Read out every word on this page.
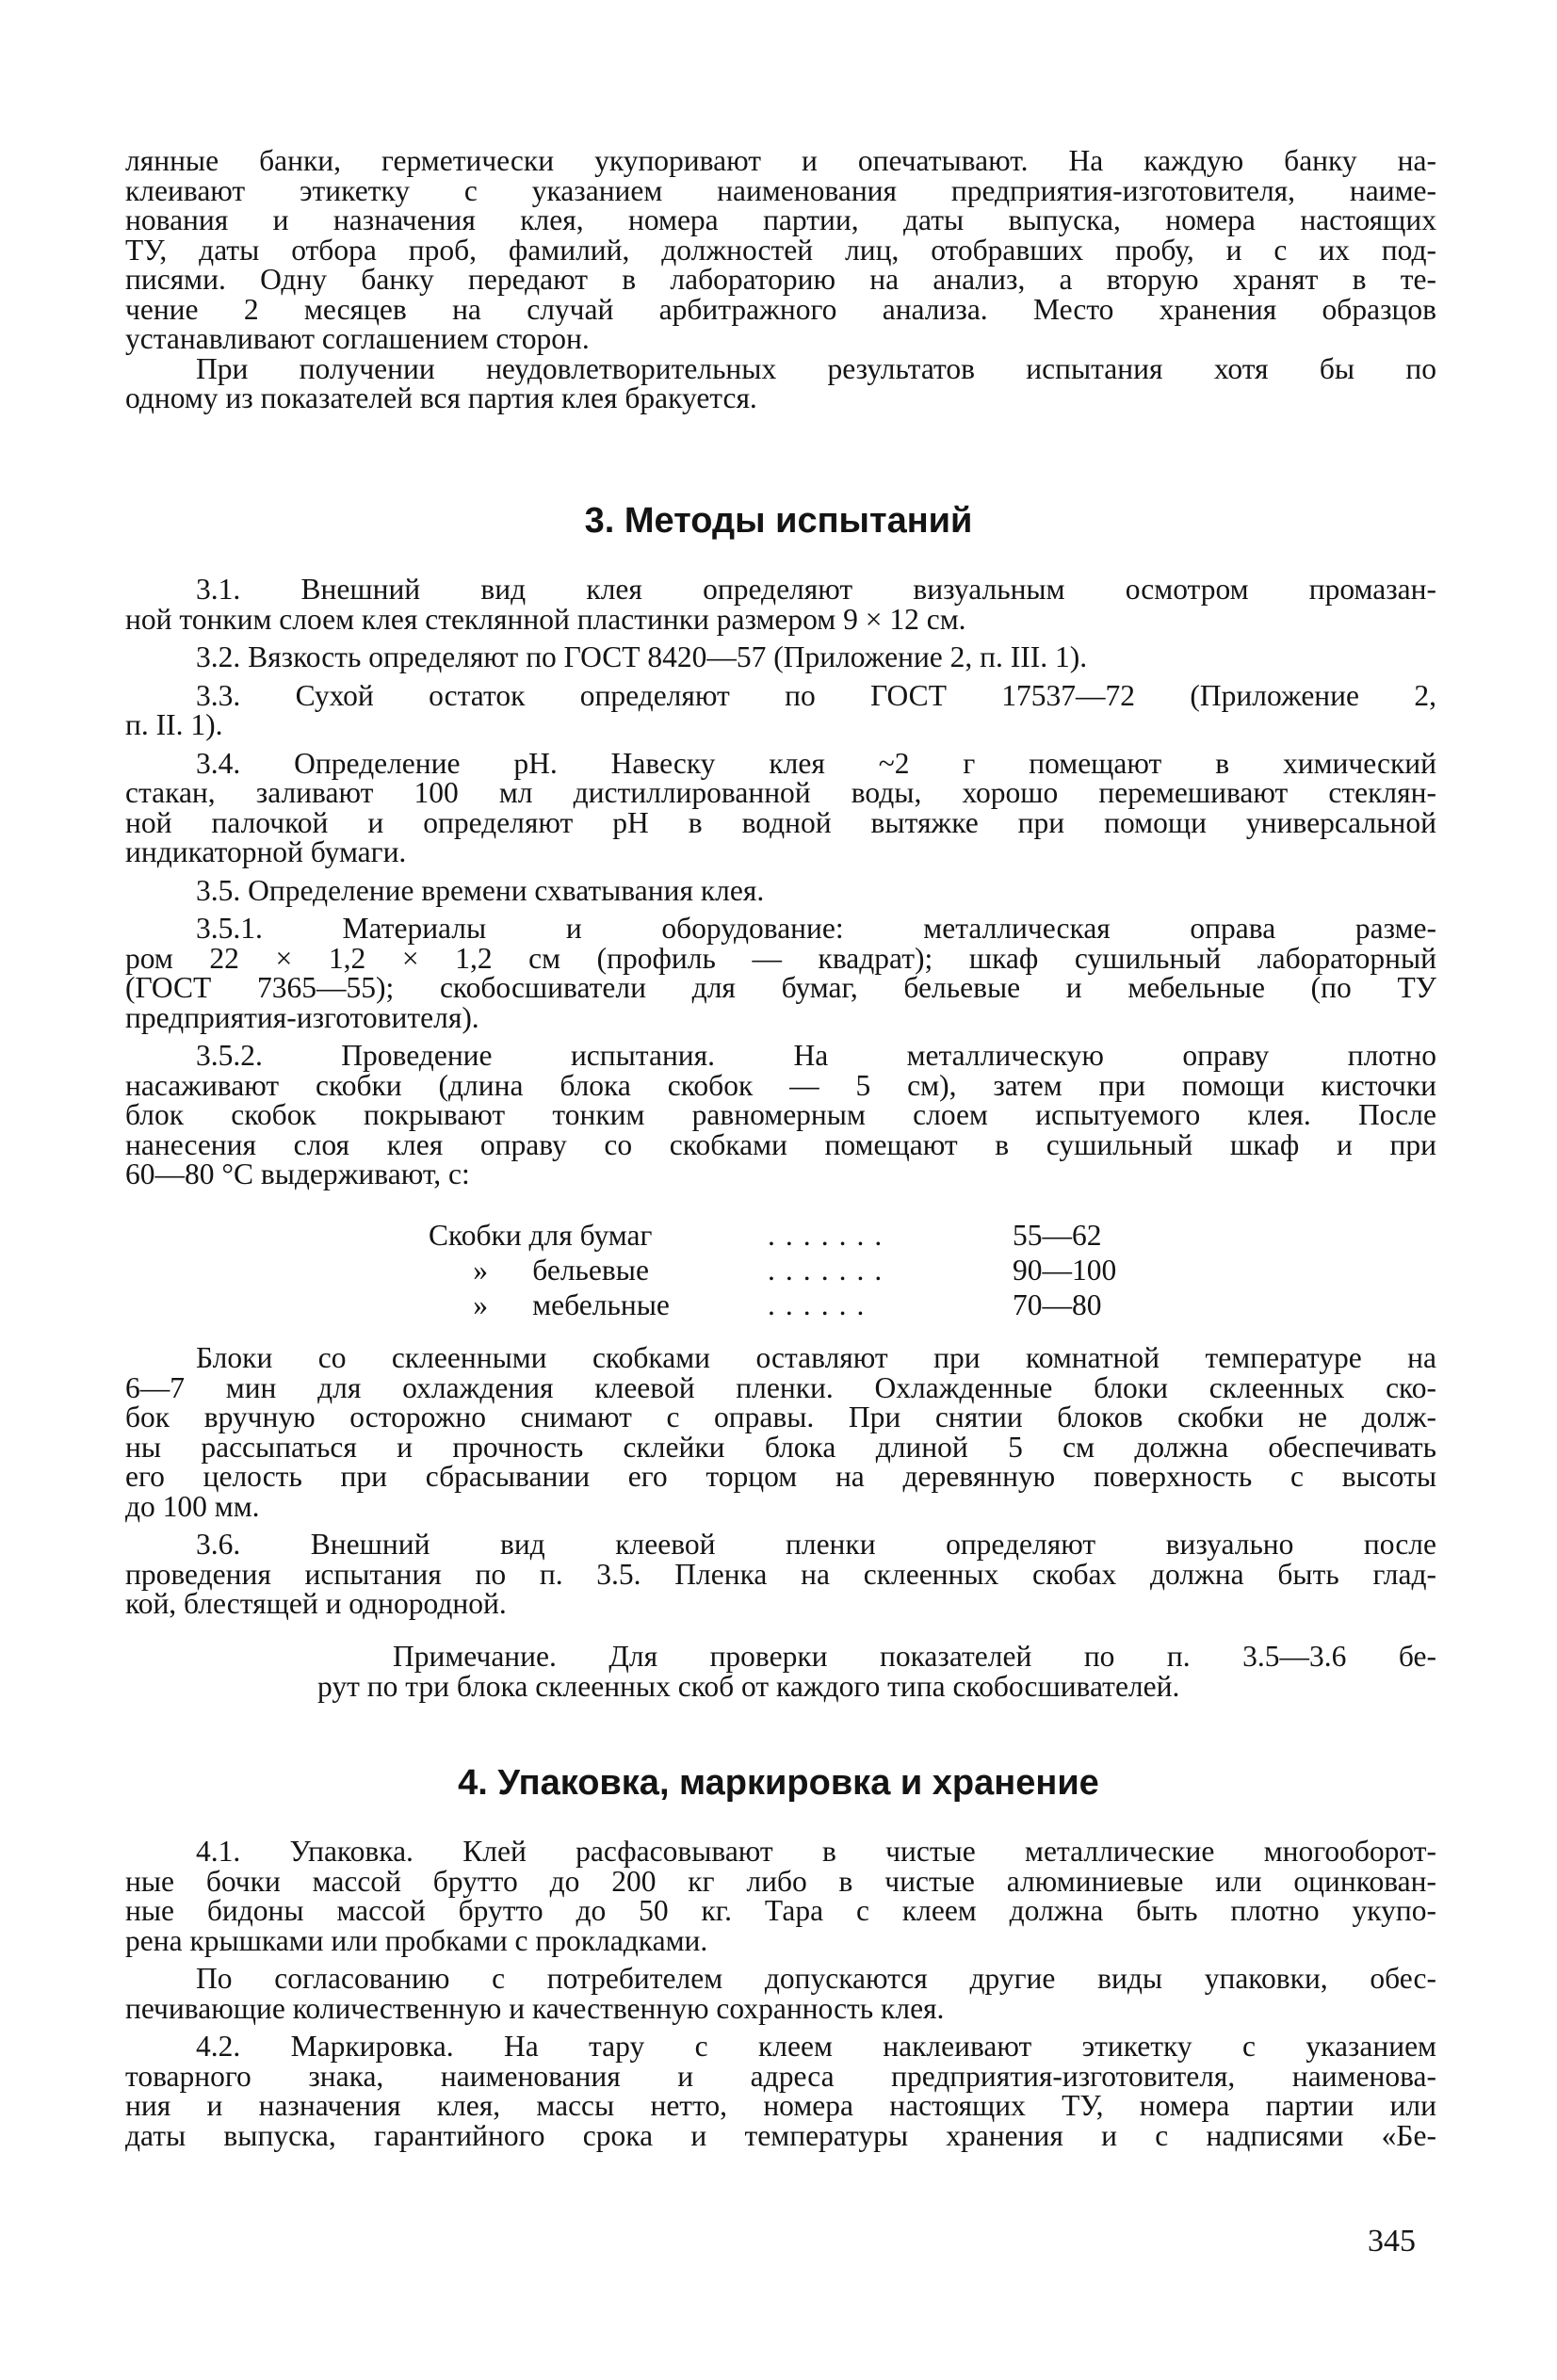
лянные банки, герметически укупоривают и опечатывают. На каждую банку на-
клеивают этикетку с указанием наименования предприятия-изготовителя, наиме-
нования и назначения клея, номера партии, даты выпуска, номера настоящих
ТУ, даты отбора проб, фамилий, должностей лиц, отобравших пробу, и с их под-
писями. Одну банку передают в лабораторию на анализ, а вторую хранят в те-
чение 2 месяцев на случай арбитражного анализа. Место хранения образцов
устанавливают соглашением сторон.
При получении неудовлетворительных результатов испытания хотя бы по
одному из показателей вся партия клея бракуется.
3. Методы испытаний
3.1. Внешний вид клея определяют визуальным осмотром промазан-
ной тонким слоем клея стеклянной пластинки размером 9 × 12 см.
3.2. Вязкость определяют по ГОСТ 8420—57 (Приложение 2, п. III. 1).
3.3. Сухой остаток определяют по ГОСТ 17537—72 (Приложение 2,
п. II. 1).
3.4. Определение pH. Навеску клея ~2 г помещают в химический
стакан, заливают 100 мл дистиллированной воды, хорошо перемешивают стеклян-
ной палочкой и определяют pH в водной вытяжке при помощи универсальной
индикаторной бумаги.
3.5. Определение времени схватывания клея.
3.5.1. Материалы и оборудование: металлическая оправа разме-
ром 22 × 1,2 × 1,2 см (профиль — квадрат); шкаф сушильный лабораторный
(ГОСТ 7365—55); скобосшиватели для бумаг, бельевые и мебельные (по ТУ
предприятия-изготовителя).
3.5.2. Проведение испытания. На металлическую оправу плотно
насаживают скобки (длина блока скобок — 5 см), затем при помощи кисточки
блок скобок покрывают тонким равномерным слоем испытуемого клея. После
нанесения слоя клея оправу со скобками помещают в сушильный шкаф и при
60—80 °C выдерживают, с:
Скобки для бумаг	.......	55—62
»      бельевые	.......	90—100
»      мебельные	......	70—80
Блоки со склеенными скобками оставляют при комнатной температуре на
6—7 мин для охлаждения клеевой пленки. Охлажденные блоки склеенных ско-
бок вручную осторожно снимают с оправы. При снятии блоков скобки не долж-
ны рассыпаться и прочность склейки блока длиной 5 см должна обеспечивать
его целость при сбрасывании его торцом на деревянную поверхность с высоты
до 100 мм.
3.6. Внешний вид клеевой пленки определяют визуально после
проведения испытания по п. 3.5. Пленка на склеенных скобах должна быть глад-
кой, блестящей и однородной.
Примечание. Для проверки показателей по п. 3.5—3.6 бе-
рут по три блока склеенных скоб от каждого типа скобосшивателей.
4. Упаковка, маркировка и хранение
4.1. Упаковка. Клей расфасовывают в чистые металлические многооборот-
ные бочки массой брутто до 200 кг либо в чистые алюминиевые или оцинкован-
ные бидоны массой брутто до 50 кг. Тара с клеем должна быть плотно укупо-
рена крышками или пробками с прокладками.
По согласованию с потребителем допускаются другие виды упаковки, обес-
печивающие количественную и качественную сохранность клея.
4.2. Маркировка. На тару с клеем наклеивают этикетку с указанием
товарного знака, наименования и адреса предприятия-изготовителя, наименова-
ния и назначения клея, массы нетто, номера настоящих ТУ, номера партии или
даты выпуска, гарантийного срока и температуры хранения и с надписями «Бе-
345
